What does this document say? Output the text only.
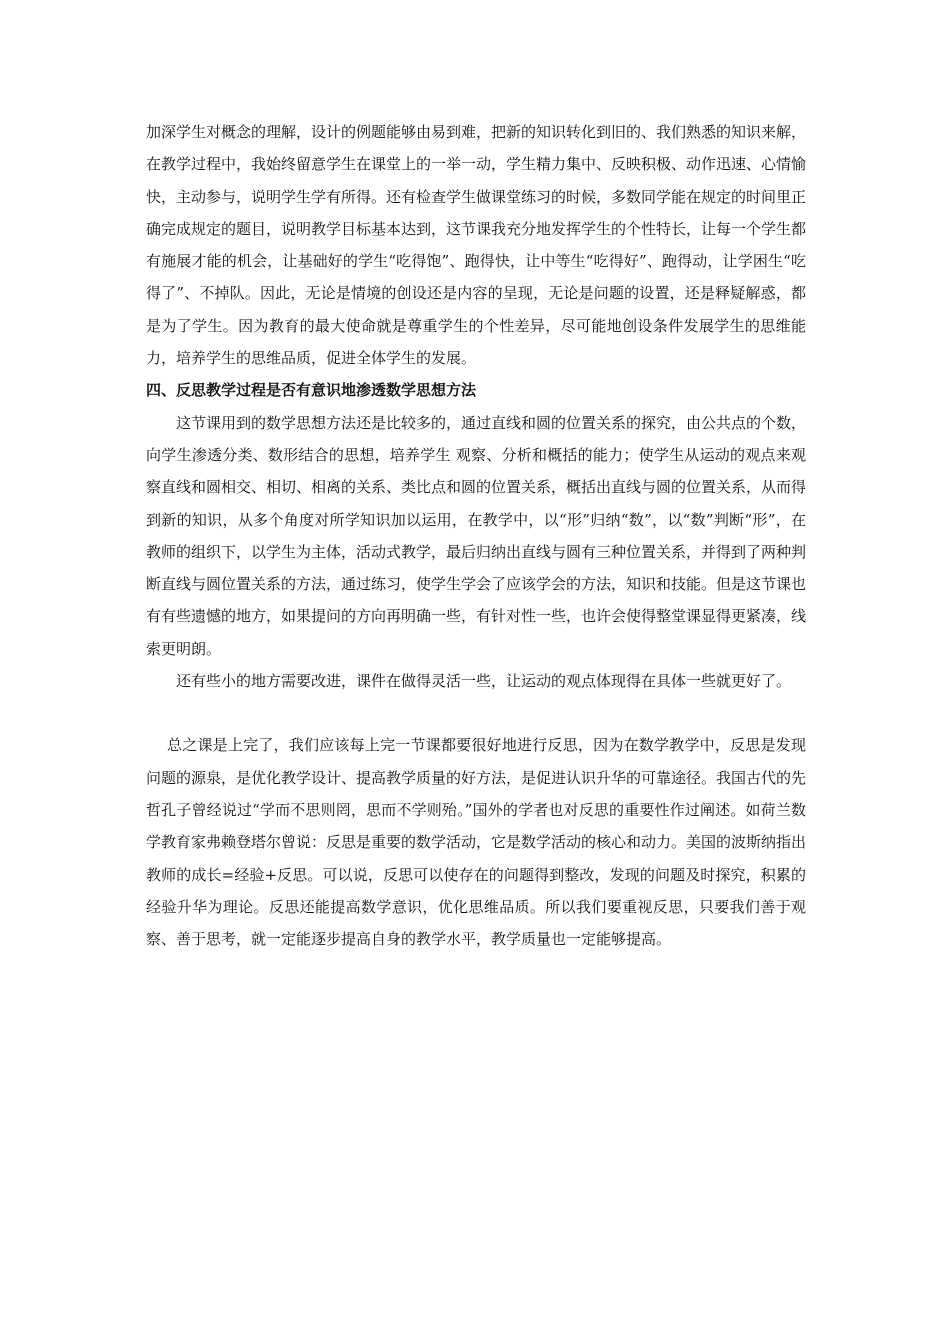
加深学生对概念的理解，设计的例题能够由易到难，把新的知识转化到旧的、我们熟悉的知识来解，在教学过程中，我始终留意学生在课堂上的一举一动，学生精力集中、反映积极、动作迅速、心情愉快，主动参与，说明学生学有所得。还有检查学生做课堂练习的时候，多数同学能在规定的时间里正确完成规定的题目，说明教学目标基本达到，这节课我充分地发挥学生的个性特长，让每一个学生都有施展才能的机会，让基础好的学生“吃得饱”、跑得快，让中等生“吃得好”、跑得动，让学困生“吃得了”、不掉队。因此，无论是情境的创设还是内容的呈现，无论是问题的设置，还是释疑解惑，都是为了学生。因为教育的最大使命就是尊重学生的个性差异，尽可能地创设条件发展学生的思维能力，培养学生的思维品质，促进全体学生的发展。

四、反思教学过程是否有意识地渗透数学思想方法

这节课用到的数学思想方法还是比较多的，通过直线和圆的位置关系的探究，由公共点的个数，向学生渗透分类、数形结合的思想，培养学生 观察、分析和概括的能力；使学生从运动的观点来观察直线和圆相交、相切、相离的关系、类比点和圆的位置关系，概括出直线与圆的位置关系，从而得到新的知识，从多个角度对所学知识加以运用，在教学中，以“形”归纳“数”，以“数”判断“形”，在教师的组织下，以学生为主体，活动式教学，最后归纳出直线与圆有三种位置关系，并得到了两种判断直线与圆位置关系的方法，通过练习，使学生学会了应该学会的方法，知识和技能。但是这节课也有有些遗憾的地方，如果提问的方向再明确一些，有针对性一些，也许会使得整堂课显得更紧凑，线索更明朗。

还有些小的地方需要改进，课件在做得灵活一些，让运动的观点体现得在具体一些就更好了。

总之课是上完了，我们应该每上完一节课都要很好地进行反思，因为在数学教学中，反思是发现问题的源泉，是优化教学设计、提高教学质量的好方法，是促进认识升华的可靠途径。我国古代的先哲孔子曾经说过“学而不思则罔，思而不学则殆。”国外的学者也对反思的重要性作过阐述。如荷兰数学教育家弗赖登塔尔曾说：反思是重要的数学活动，它是数学活动的核心和动力。美国的波斯纳指出教师的成长=经验+反思。可以说，反思可以使存在的问题得到整改，发现的问题及时探究，积累的经验升华为理论。反思还能提高数学意识，优化思维品质。所以我们要重视反思，只要我们善于观察、善于思考，就一定能逐步提高自身的教学水平，教学质量也一定能够提高。
